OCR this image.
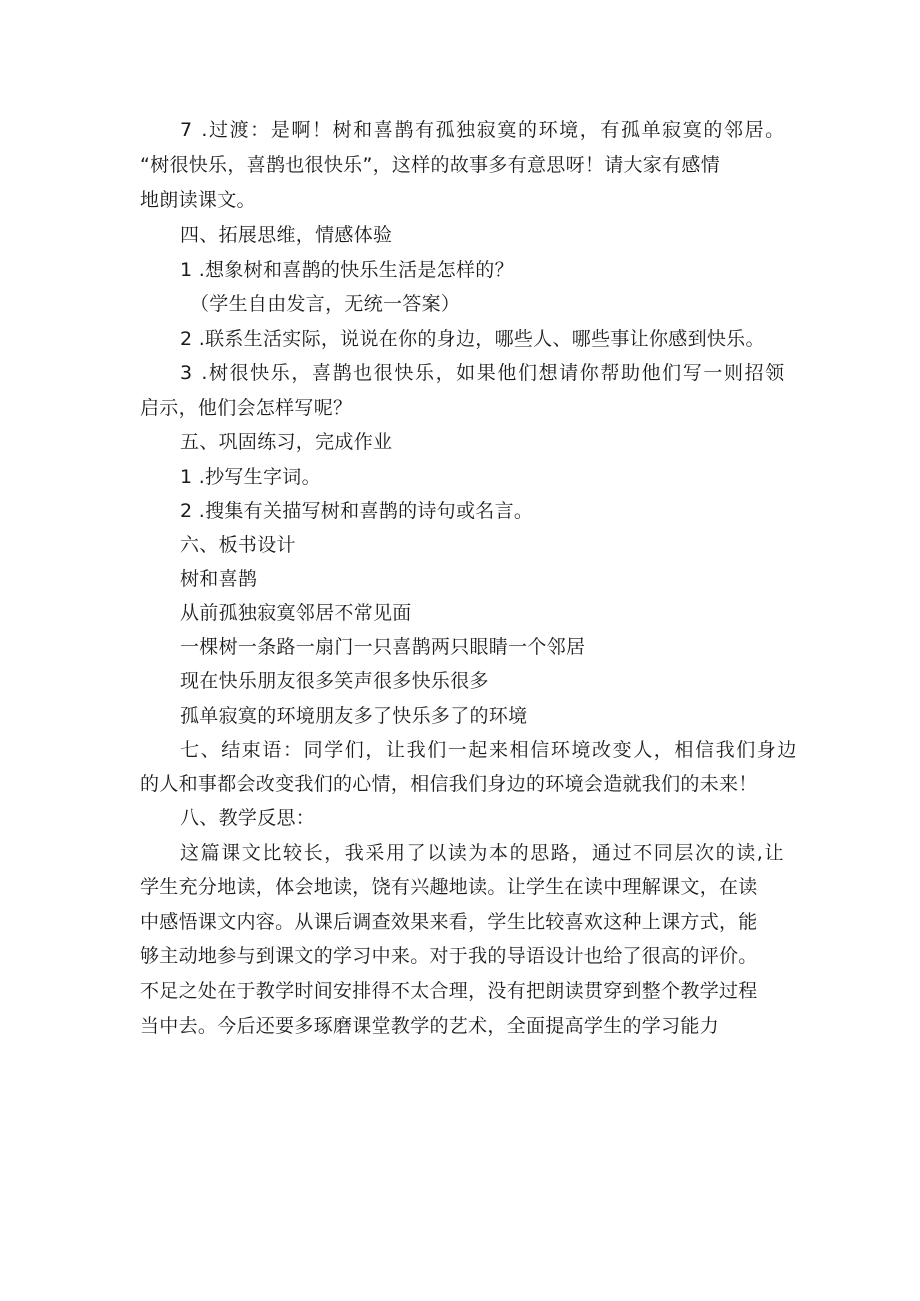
7 .过渡：是啊！树和喜鹊有孤独寂寞的环境，有孤单寂寞的邻居。
“树很快乐，喜鹊也很快乐”，这样的故事多有意思呀！请大家有感情
地朗读课文。
四、拓展思维，情感体验
1 .想象树和喜鹊的快乐生活是怎样的？
（学生自由发言，无统一答案）
2 .联系生活实际，说说在你的身边，哪些人、哪些事让你感到快乐。
3 .树很快乐，喜鹊也很快乐，如果他们想请你帮助他们写一则招领
启示，他们会怎样写呢？
五、巩固练习，完成作业
1 .抄写生字词。
2 .搜集有关描写树和喜鹊的诗句或名言。
六、板书设计
树和喜鹊
从前孤独寂寞邻居不常见面
一棵树一条路一扇门一只喜鹊两只眼睛一个邻居
现在快乐朋友很多笑声很多快乐很多
孤单寂寞的环境朋友多了快乐多了的环境
七、结束语：同学们，让我们一起来相信环境改变人，相信我们身边
的人和事都会改变我们的心情，相信我们身边的环境会造就我们的未来！
八、教学反思：
这篇课文比较长，我采用了以读为本的思路，通过不同层次的读,让
学生充分地读，体会地读，饶有兴趣地读。让学生在读中理解课文，在读
中感悟课文内容。从课后调查效果来看，学生比较喜欢这种上课方式，能
够主动地参与到课文的学习中来。对于我的导语设计也给了很高的评价。
不足之处在于教学时间安排得不太合理，没有把朗读贯穿到整个教学过程
当中去。今后还要多琢磨课堂教学的艺术，全面提高学生的学习能力
